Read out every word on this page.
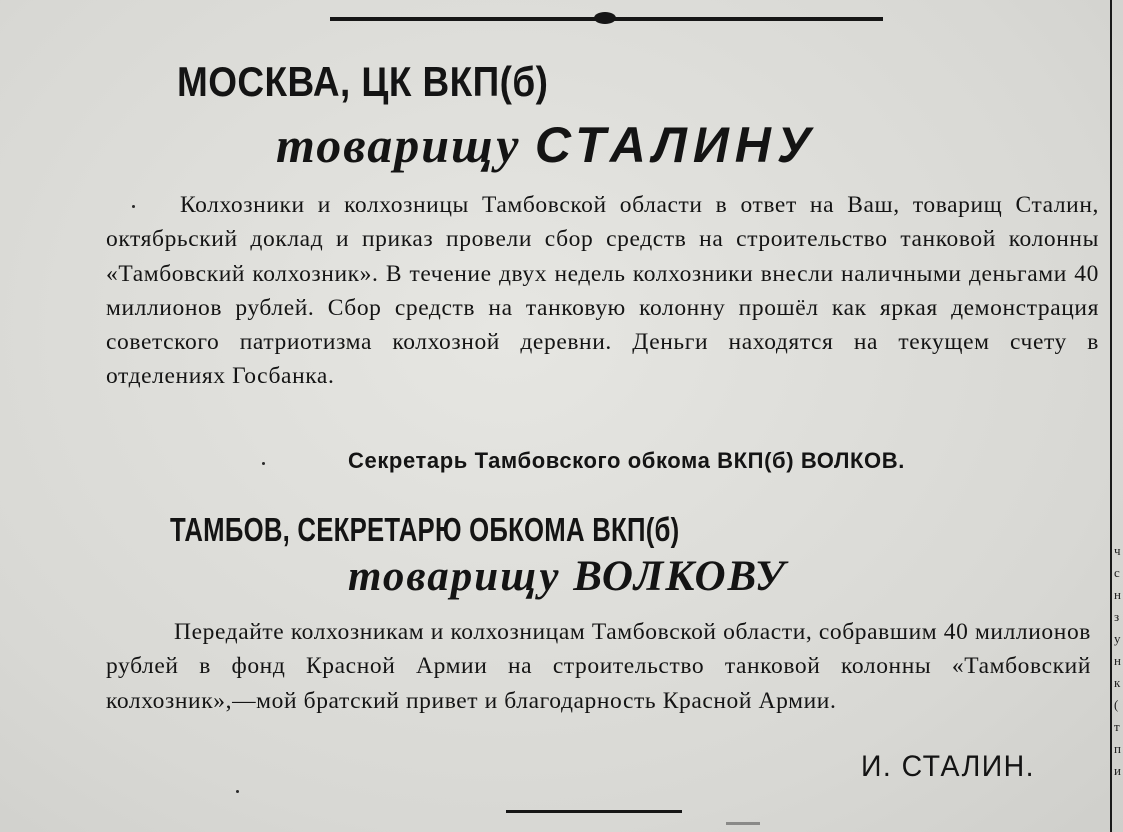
МОСКВА, ЦК ВКП(б)
товарищу СТАЛИНУ
Колхозники и колхозницы Тамбовской области в ответ на Ваш, товарищ Сталин, октябрьский доклад и приказ провели сбор средств на строительство танковой колонны «Тамбовский колхозник». В течение двух недель колхозники внесли наличными деньгами 40 миллионов рублей. Сбор средств на танковую колонну прошёл как яркая демонстрация советского патриотизма колхозной деревни. Деньги находятся на текущем счету в отделениях Госбанка.
Секретарь Тамбовского обкома ВКП(б) ВОЛКОВ.
ТАМБОВ, СЕКРЕТАРЮ ОБКОМА ВКП(б)
товарищу ВОЛКОВУ
Передайте колхозникам и колхозницам Тамбовской области, собравшим 40 миллионов рублей в фонд Красной Армии на строительство танковой колонны «Тамбовский колхозник»,—мой братский привет и благодарность Красной Армии.
И. СТАЛИН.
ч
с
н
з
у
н
к
(
т
п
и
